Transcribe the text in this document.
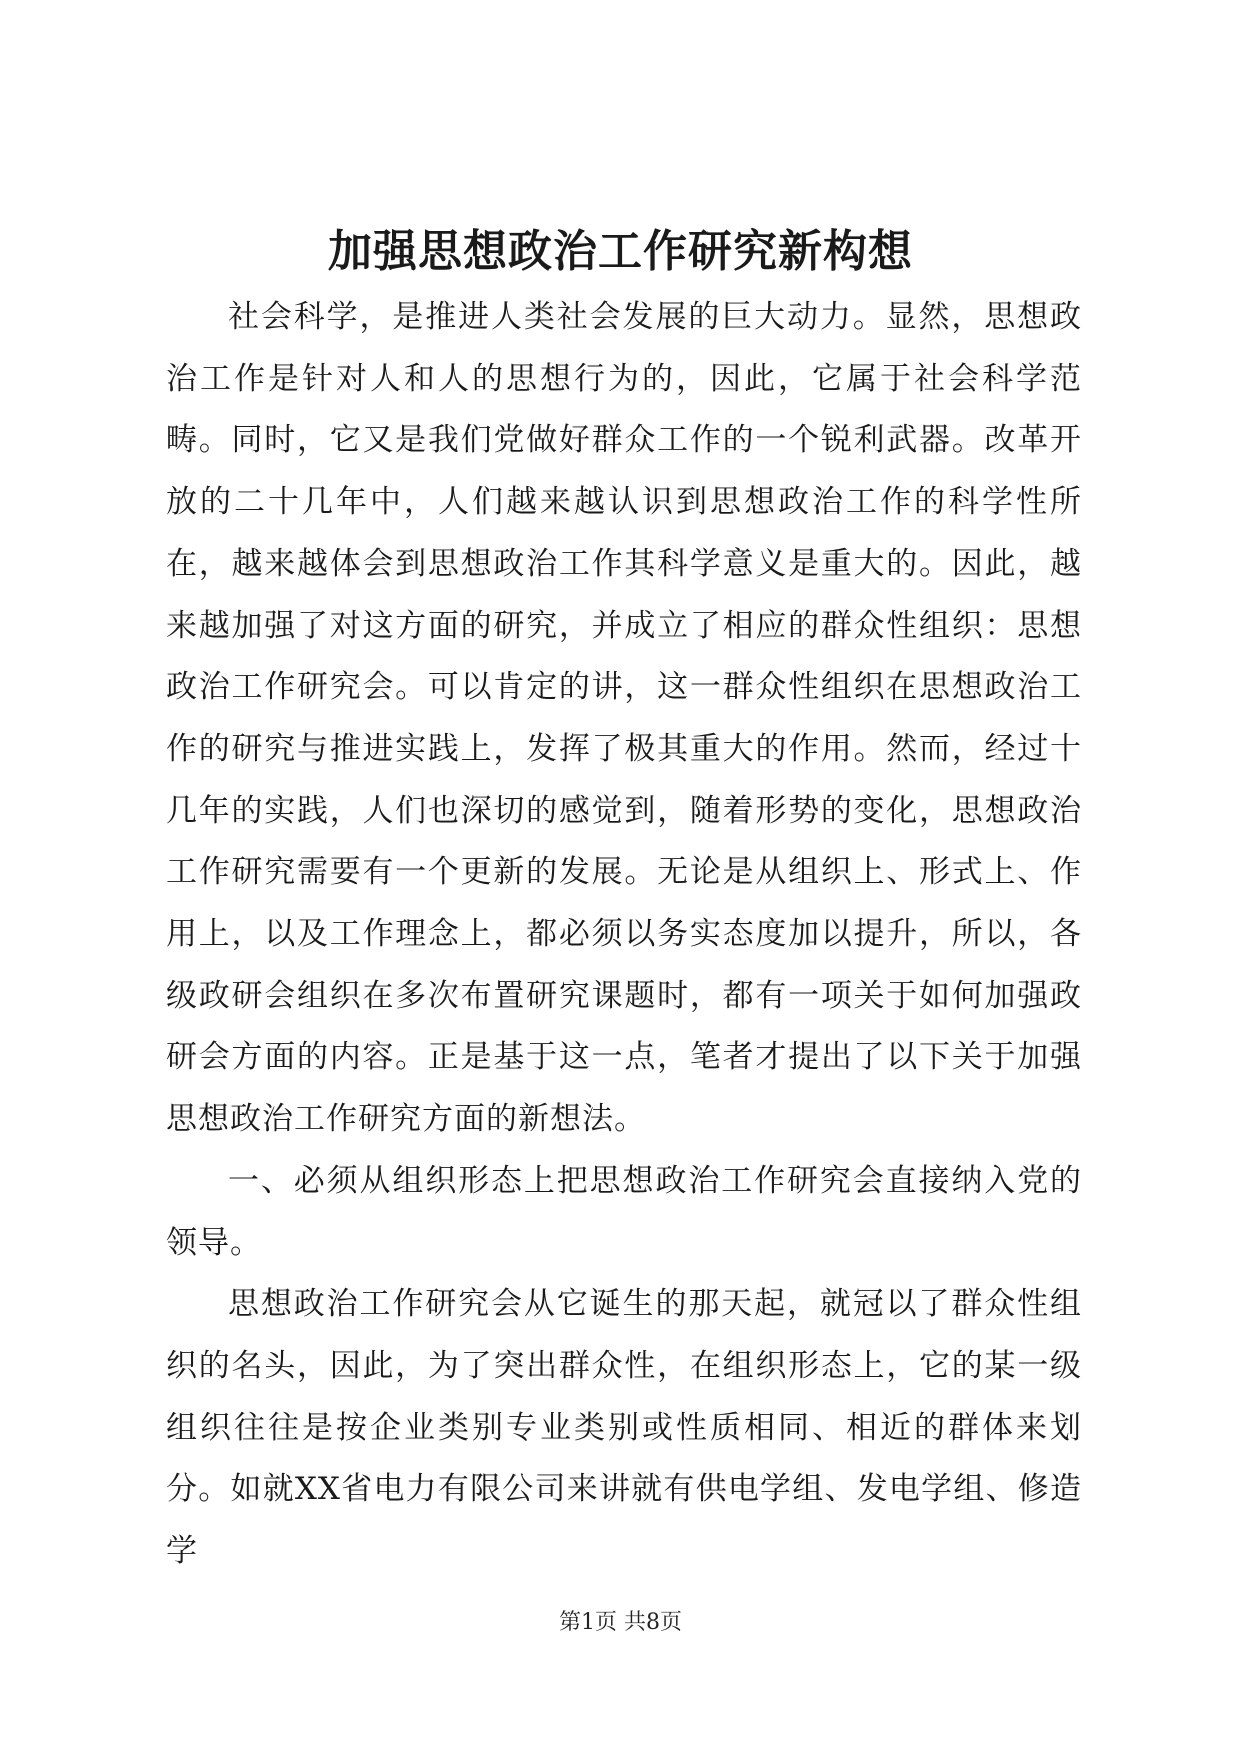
加强思想政治工作研究新构想

社会科学，是推进人类社会发展的巨大动力。显然，思想政治工作是针对人和人的思想行为的，因此，它属于社会科学范畴。同时，它又是我们党做好群众工作的一个锐利武器。改革开放的二十几年中，人们越来越认识到思想政治工作的科学性所在，越来越体会到思想政治工作其科学意义是重大的。因此，越来越加强了对这方面的研究，并成立了相应的群众性组织：思想政治工作研究会。可以肯定的讲，这一群众性组织在思想政治工作的研究与推进实践上，发挥了极其重大的作用。然而，经过十几年的实践，人们也深切的感觉到，随着形势的变化，思想政治工作研究需要有一个更新的发展。无论是从组织上、形式上、作用上，以及工作理念上，都必须以务实态度加以提升，所以，各级政研会组织在多次布置研究课题时，都有一项关于如何加强政研会方面的内容。正是基于这一点，笔者才提出了以下关于加强思想政治工作研究方面的新想法。

一、必须从组织形态上把思想政治工作研究会直接纳入党的领导。

思想政治工作研究会从它诞生的那天起，就冠以了群众性组织的名头，因此，为了突出群众性，在组织形态上，它的某一级组织往往是按企业类别专业类别或性质相同、相近的群体来划分。如就XX省电力有限公司来讲就有供电学组、发电学组、修造学

第1页 共8页
